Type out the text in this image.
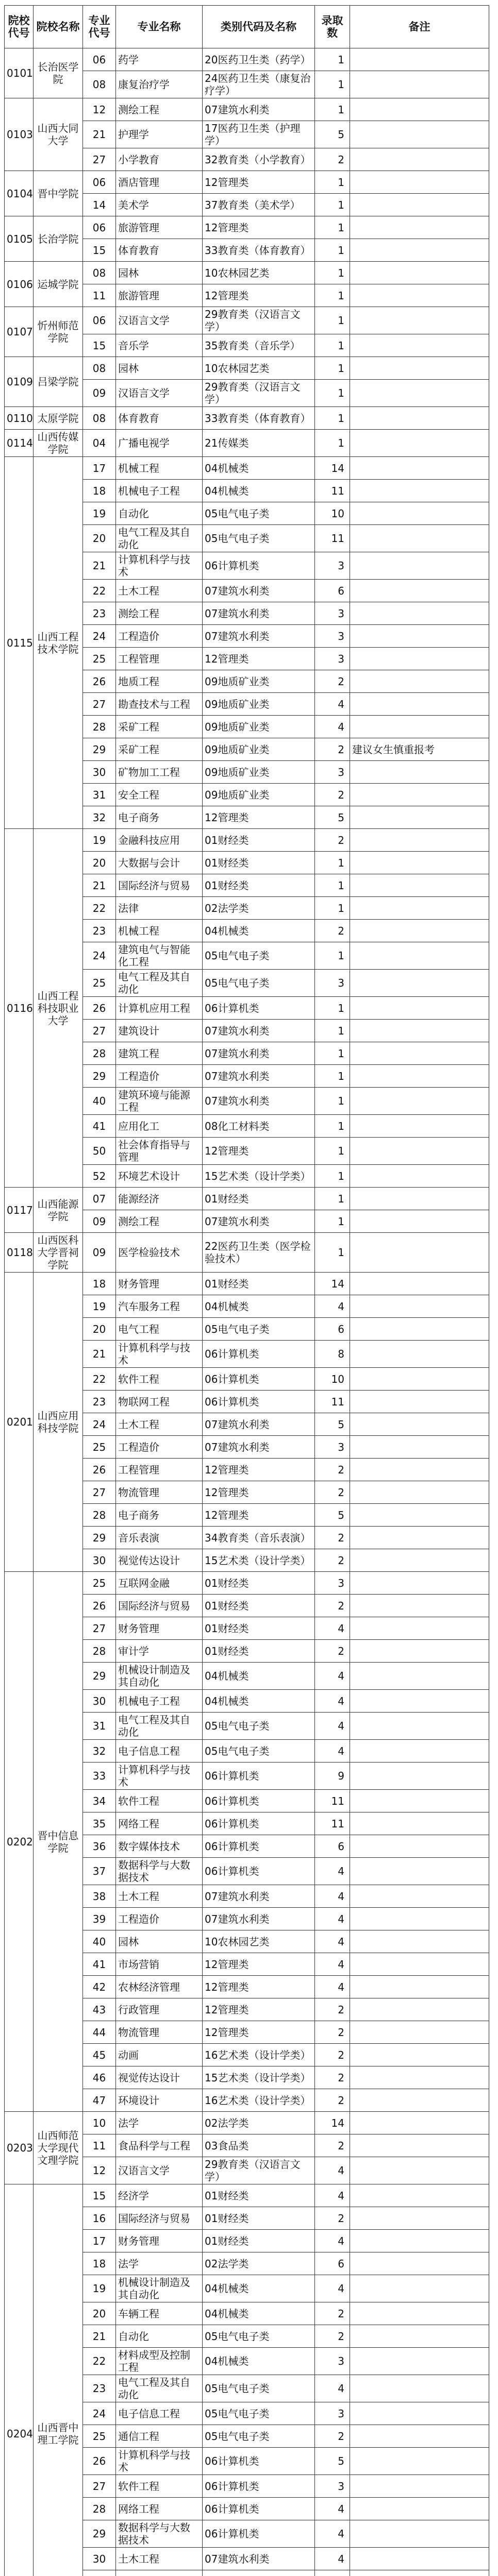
院校代号	院校名称	专业代号	专业名称	类别代码及名称	录取数	备注
0101	长治医学院	06	药学	20医药卫生类（药学）	1	
		08	康复治疗学	24医药卫生类（康复治疗学）	1	
0103	山西大同大学	12	测绘工程	07建筑水利类	1	
		21	护理学	17医药卫生类（护理学）	5	
		27	小学教育	32教育类（小学教育）	2	
0104	晋中学院	06	酒店管理	12管理类	1	
		14	美术学	37教育类（美术学）	1	
0105	长治学院	06	旅游管理	12管理类	1	
		15	体育教育	33教育类（体育教育）	1	
0106	运城学院	08	园林	10农林园艺类	1	
		11	旅游管理	12管理类	1	
0107	忻州师范学院	06	汉语言文学	29教育类（汉语言文学）	1	
		15	音乐学	35教育类（音乐学）	1	
0109	吕梁学院	08	园林	10农林园艺类	1	
		09	汉语言文学	29教育类（汉语言文学）	1	
0110	太原学院	08	体育教育	33教育类（体育教育）	1	
0114	山西传媒学院	04	广播电视学	21传媒类	1	
0115	山西工程技术学院	17	机械工程	04机械类	14	
		18	机械电子工程	04机械类	11	
		19	自动化	05电气电子类	10	
		20	电气工程及其自动化	05电气电子类	11	
		21	计算机科学与技术	06计算机类	3	
		22	土木工程	07建筑水利类	6	
		23	测绘工程	07建筑水利类	3	
		24	工程造价	07建筑水利类	3	
		25	工程管理	12管理类	3	
		26	地质工程	09地质矿业类	2	
		27	勘查技术与工程	09地质矿业类	4	
		28	采矿工程	09地质矿业类	4	
		29	采矿工程	09地质矿业类	2	建议女生慎重报考
		30	矿物加工工程	09地质矿业类	3	
		31	安全工程	09地质矿业类	2	
		32	电子商务	12管理类	5	
0116	山西工程科技职业大学	19	金融科技应用	01财经类	2	
		20	大数据与会计	01财经类	1	
		21	国际经济与贸易	01财经类	1	
		22	法律	02法学类	1	
		23	机械工程	04机械类	2	
		24	建筑电气与智能化工程	05电气电子类	1	
		25	电气工程及其自动化	05电气电子类	3	
		26	计算机应用工程	06计算机类	1	
		27	建筑设计	07建筑水利类	1	
		28	建筑工程	07建筑水利类	1	
		29	工程造价	07建筑水利类	1	
		40	建筑环境与能源工程	07建筑水利类	1	
		41	应用化工	08化工材料类	1	
		50	社会体育指导与管理	12管理类	1	
		52	环境艺术设计	15艺术类（设计学类）	1	
0117	山西能源学院	07	能源经济	01财经类	1	
		09	测绘工程	07建筑水利类	1	
0118	山西医科大学晋祠学院	09	医学检验技术	22医药卫生类（医学检验技术）	1	
0201	山西应用科技学院	18	财务管理	01财经类	14	
		19	汽车服务工程	04机械类	4	
		20	电气工程	05电气电子类	6	
		21	计算机科学与技术	06计算机类	8	
		22	软件工程	06计算机类	10	
		23	物联网工程	06计算机类	11	
		24	土木工程	07建筑水利类	5	
		25	工程造价	07建筑水利类	3	
		26	工程管理	12管理类	2	
		27	物流管理	12管理类	2	
		28	电子商务	12管理类	5	
		29	音乐表演	34教育类（音乐表演）	2	
		30	视觉传达设计	15艺术类（设计学类）	2	
0202	晋中信息学院	25	互联网金融	01财经类	3	
		26	国际经济与贸易	01财经类	2	
		27	财务管理	01财经类	4	
		28	审计学	01财经类	2	
		29	机械设计制造及其自动化	04机械类	4	
		30	机械电子工程	04机械类	4	
		31	电气工程及其自动化	05电气电子类	4	
		32	电子信息工程	05电气电子类	4	
		33	计算机科学与技术	06计算机类	9	
		34	软件工程	06计算机类	11	
		35	网络工程	06计算机类	11	
		36	数字媒体技术	06计算机类	6	
		37	数据科学与大数据技术	06计算机类	4	
		38	土木工程	07建筑水利类	4	
		39	工程造价	07建筑水利类	4	
		40	园林	10农林园艺类	4	
		41	市场营销	12管理类	4	
		42	农林经济管理	12管理类	4	
		43	行政管理	12管理类	2	
		44	物流管理	12管理类	2	
		45	动画	16艺术类（设计学类）	2	
		46	视觉传达设计	15艺术类（设计学类）	2	
		47	环境设计	16艺术类（设计学类）	2	
0203	山西师范大学现代文理学院	10	法学	02法学类	14	
		11	食品科学与工程	03食品类	2	
		12	汉语言文学	29教育类（汉语言文学）	4	
0204	山西晋中理工学院	15	经济学	01财经类	4	
		16	国际经济与贸易	01财经类	2	
		17	财务管理	01财经类	4	
		18	法学	02法学类	6	
		19	机械设计制造及其自动化	04机械类	4	
		20	车辆工程	04机械类	2	
		21	自动化	05电气电子类	2	
		22	材料成型及控制工程	04机械类	3	
		23	电气工程及其自动化	05电气电子类	4	
		24	电子信息工程	05电气电子类	3	
		25	通信工程	05电气电子类	2	
		26	计算机科学与技术	06计算机类	5	
		27	软件工程	06计算机类	3	
		28	网络工程	06计算机类	4	
		29	数据科学与大数据技术	06计算机类	4	
		30	土木工程	07建筑水利类	4	
